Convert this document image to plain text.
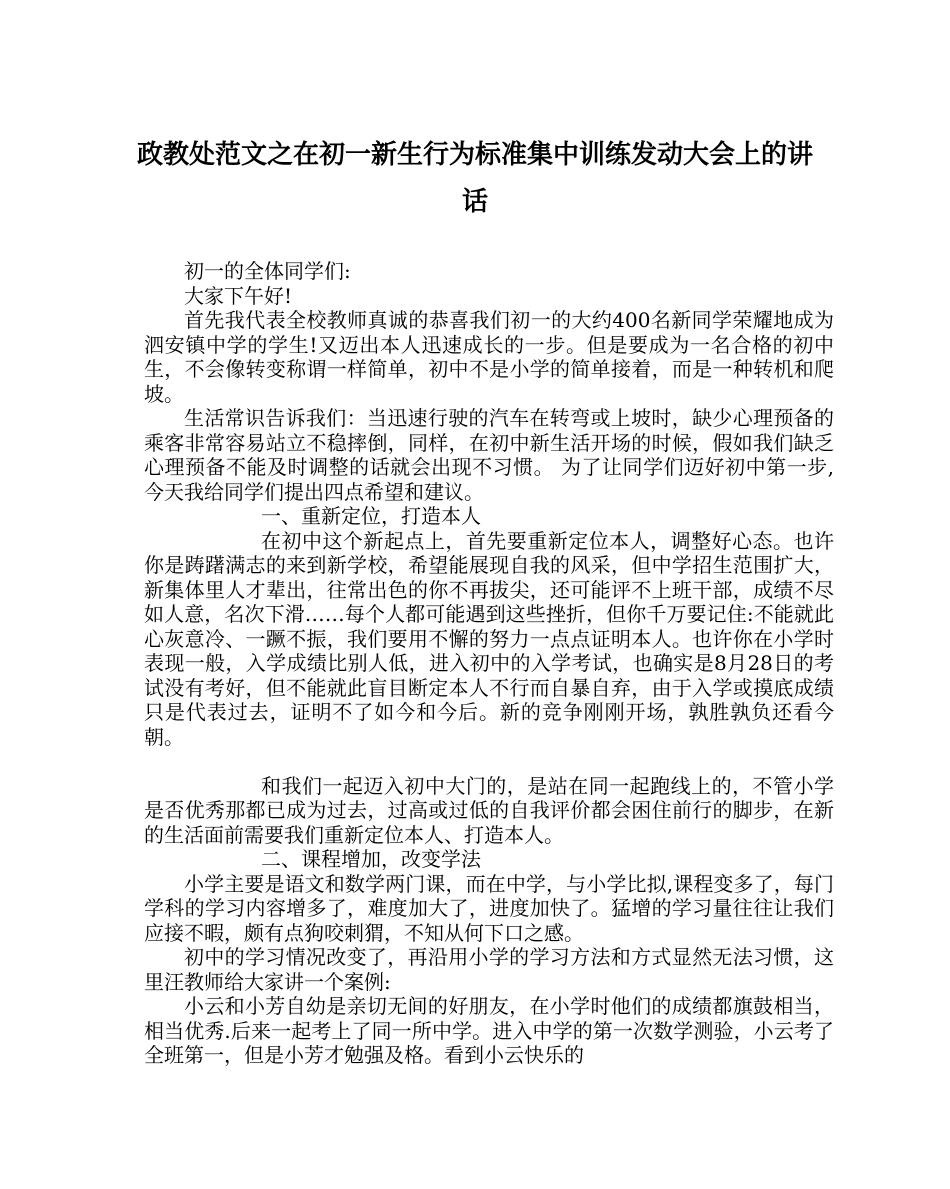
政教处范文之在初一新生行为标准集中训练发动大会上的讲话

初一的全体同学们:

大家下午好!

首先我代表全校教师真诚的恭喜我们初一的大约400名新同学荣耀地成为泗安镇中学的学生!又迈出本人迅速成长的一步。但是要成为一名合格的初中生，不会像转变称谓一样简单，初中不是小学的简单接着，而是一种转机和爬坡。

生活常识告诉我们：当迅速行驶的汽车在转弯或上坡时，缺少心理预备的乘客非常容易站立不稳摔倒，同样，在初中新生活开场的时候，假如我们缺乏心理预备不能及时调整的话就会出现不习惯。 为了让同学们迈好初中第一步,今天我给同学们提出四点希望和建议。

一、重新定位，打造本人

在初中这个新起点上，首先要重新定位本人，调整好心态。也许你是踌躇满志的来到新学校，希望能展现自我的风采，但中学招生范围扩大，新集体里人才辈出，往常出色的你不再拔尖，还可能评不上班干部，成绩不尽如人意，名次下滑……每个人都可能遇到这些挫折，但你千万要记住:不能就此心灰意冷、一蹶不振，我们要用不懈的努力一点点证明本人。也许你在小学时表现一般，入学成绩比别人低，进入初中的入学考试，也确实是8月28日的考试没有考好，但不能就此盲目断定本人不行而自暴自弃，由于入学或摸底成绩只是代表过去，证明不了如今和今后。新的竞争刚刚开场，孰胜孰负还看今朝。

和我们一起迈入初中大门的，是站在同一起跑线上的，不管小学是否优秀那都已成为过去，过高或过低的自我评价都会困住前行的脚步，在新的生活面前需要我们重新定位本人、打造本人。

二、课程增加，改变学法

小学主要是语文和数学两门课，而在中学，与小学比拟,课程变多了，每门学科的学习内容增多了，难度加大了，进度加快了。猛增的学习量往往让我们应接不暇，颇有点狗咬刺猬，不知从何下口之感。

初中的学习情况改变了，再沿用小学的学习方法和方式显然无法习惯，这里汪教师给大家讲一个案例:

小云和小芳自幼是亲切无间的好朋友，在小学时他们的成绩都旗鼓相当，相当优秀.后来一起考上了同一所中学。进入中学的第一次数学测验，小云考了全班第一，但是小芳才勉强及格。看到小云快乐的
